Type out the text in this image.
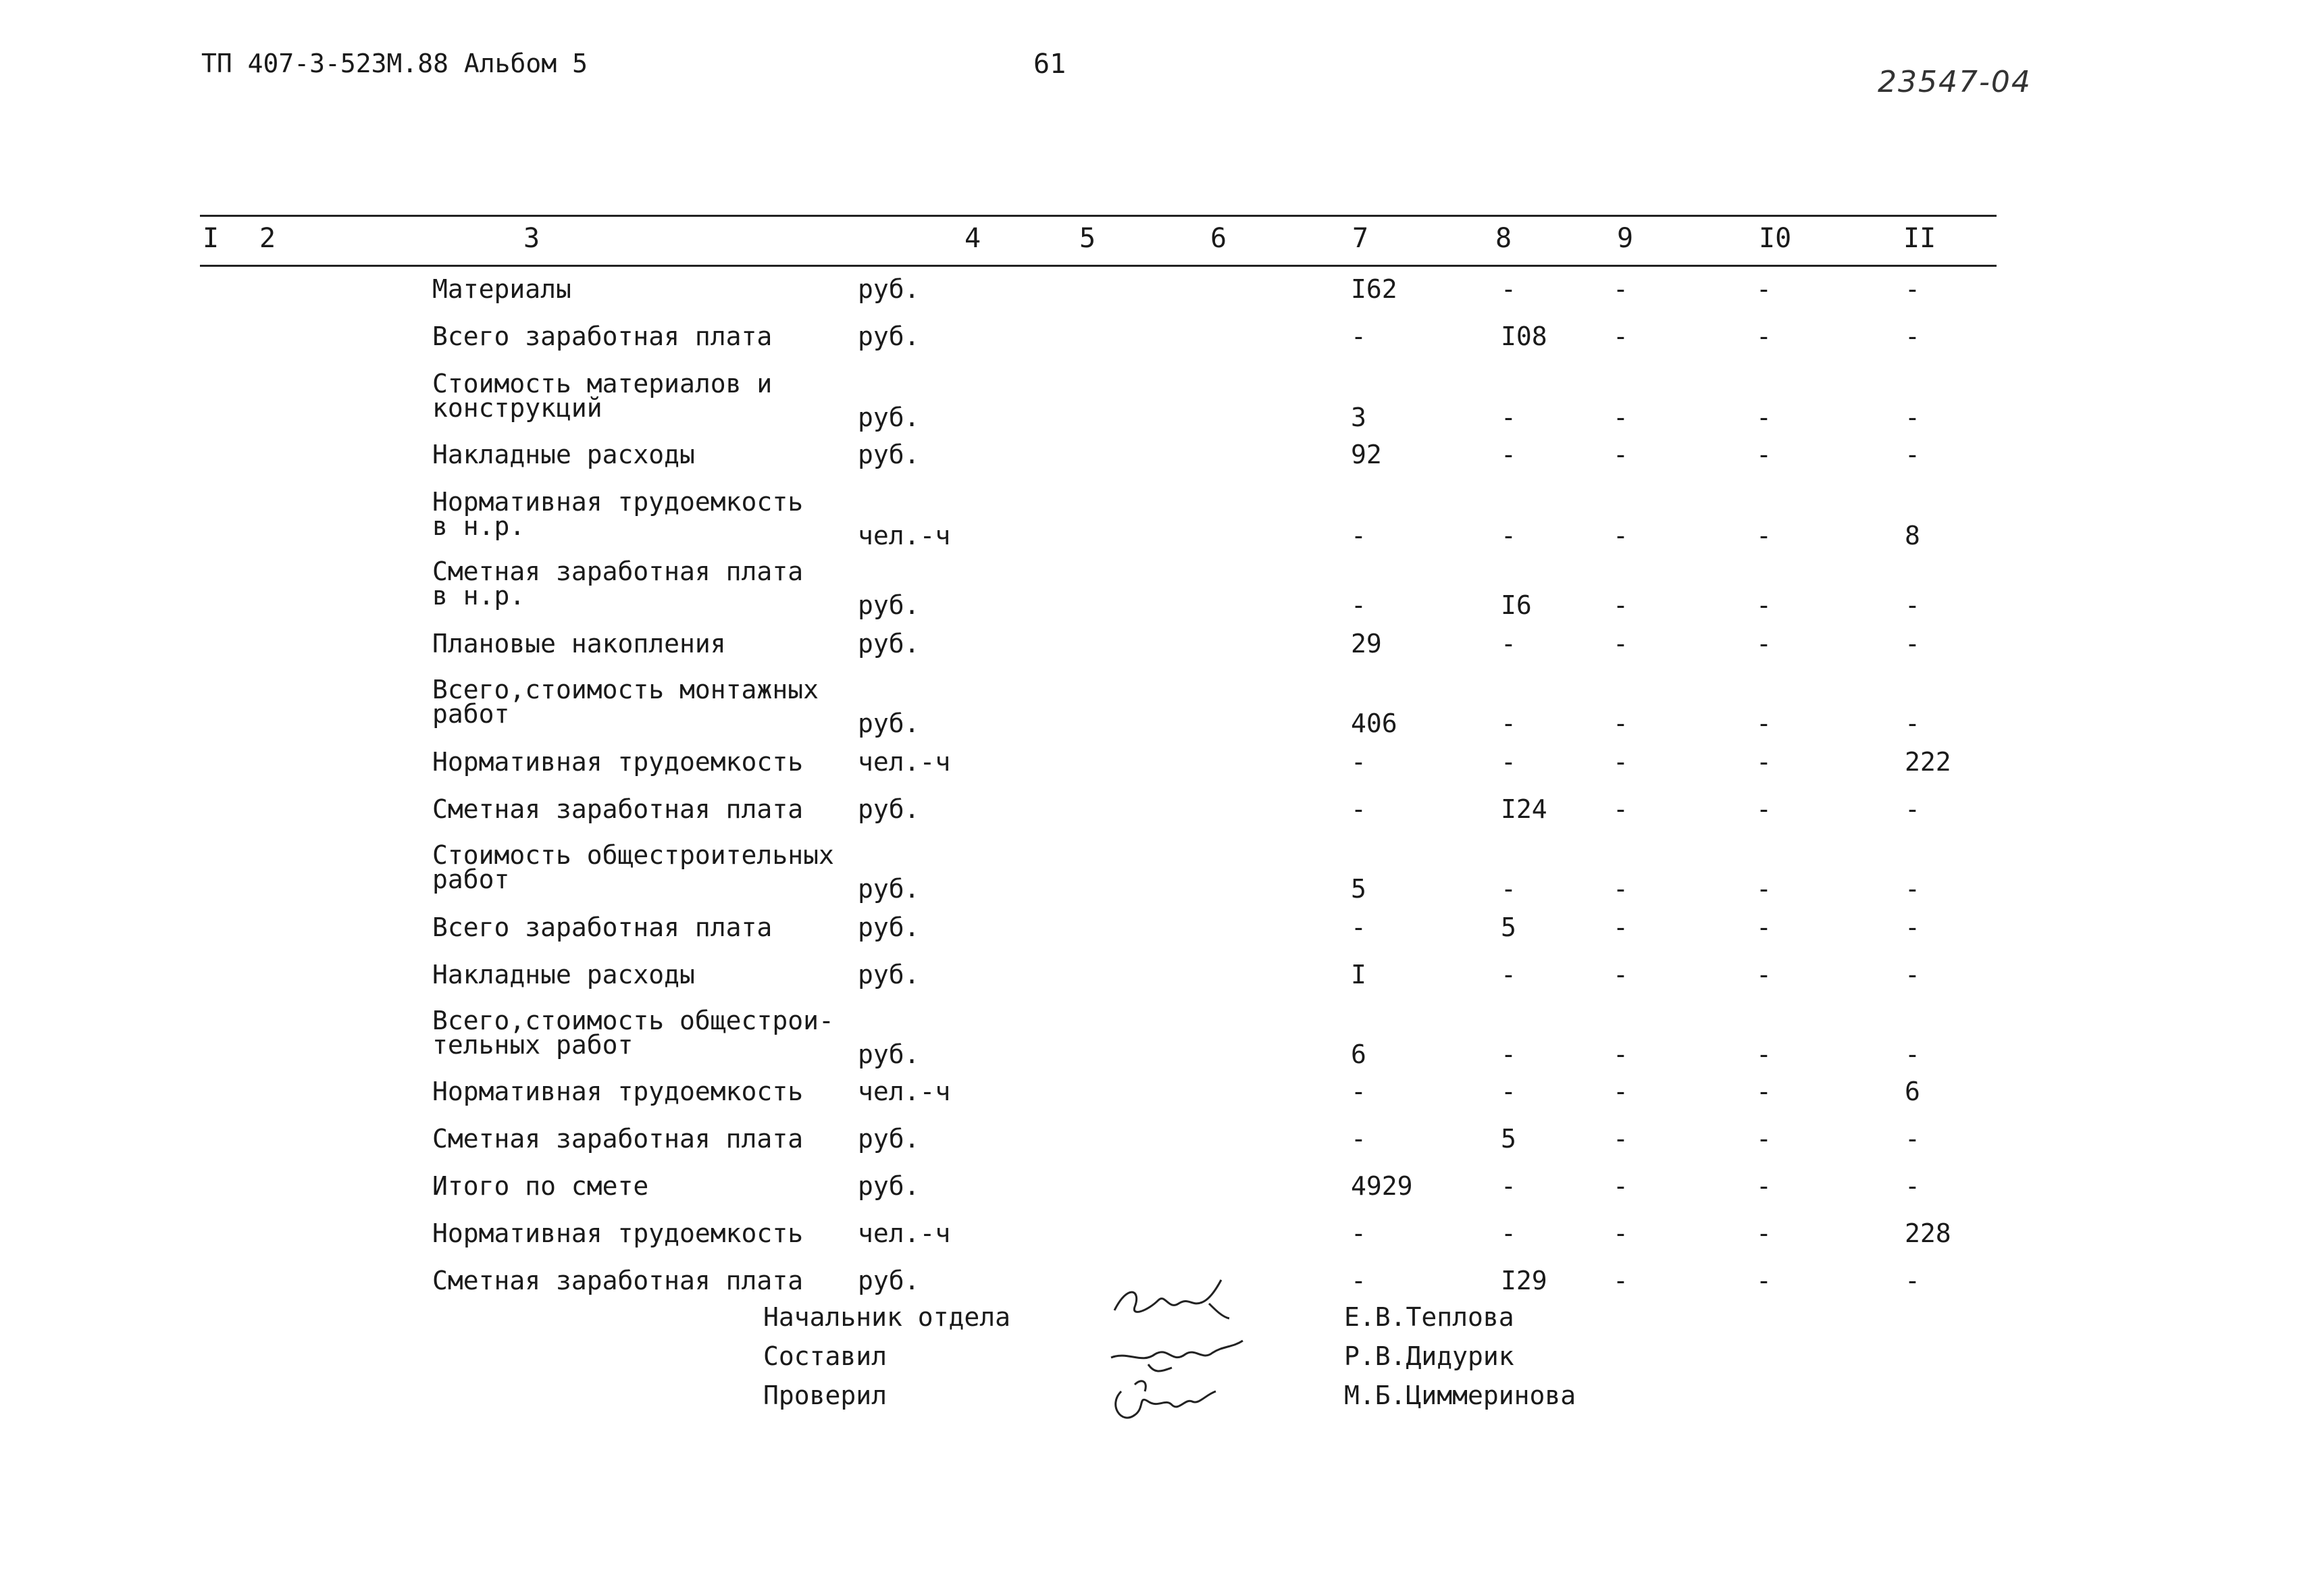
ТП 407-3-523М.88 Альбом 5	61
23547-04
I 2	3	4	5	6	7	8	9	I0	II
Материалы	руб.	I62	-	-	-	-
Всего заработная плата	руб.	-	I08	-	-	-
Стоимость материалов и
конструкций	руб.	3	-	-	-	-
Накладные расходы	руб.	92	-	-	-	-
Нормативная трудоемкость
в н.р.	чел.-ч	-	-	-	-	8
Сметная заработная плата
в н.р.	руб.	-	I6	-	-	-
Плановые накопления	руб.	29	-	-	-	-
Всего,стоимость монтажных
работ	руб.	406	-	-	-	-
Нормативная трудоемкость чел.-ч	-	-	-	-	222
Сметная заработная плата руб.	-	I24	-	-	-
Стоимость общестроительных
работ	руб.	5	-	-	-	-
Всего заработная плата	руб.	-	5	-	-	-
Накладные расходы	руб.	I	-	-	-	-
Всего,стоимость общестрои-
тельных работ	руб.	6	-	-	-	-
Нормативная трудоемкость чел.-ч	-	-	-	-	6
Сметная заработная плата руб.	-	5	-	-	-
Итого по смете	руб.	4929	-	-	-	-
Нормативная трудоемкость чел.-ч	-	-	-	-	228
Сметная заработная плата руб.	-	I29	-	-	-
Начальник отдела	Е.В.Теплова
Составил	Р.В.Дидурик
Проверил	М.Б.Циммеринова
